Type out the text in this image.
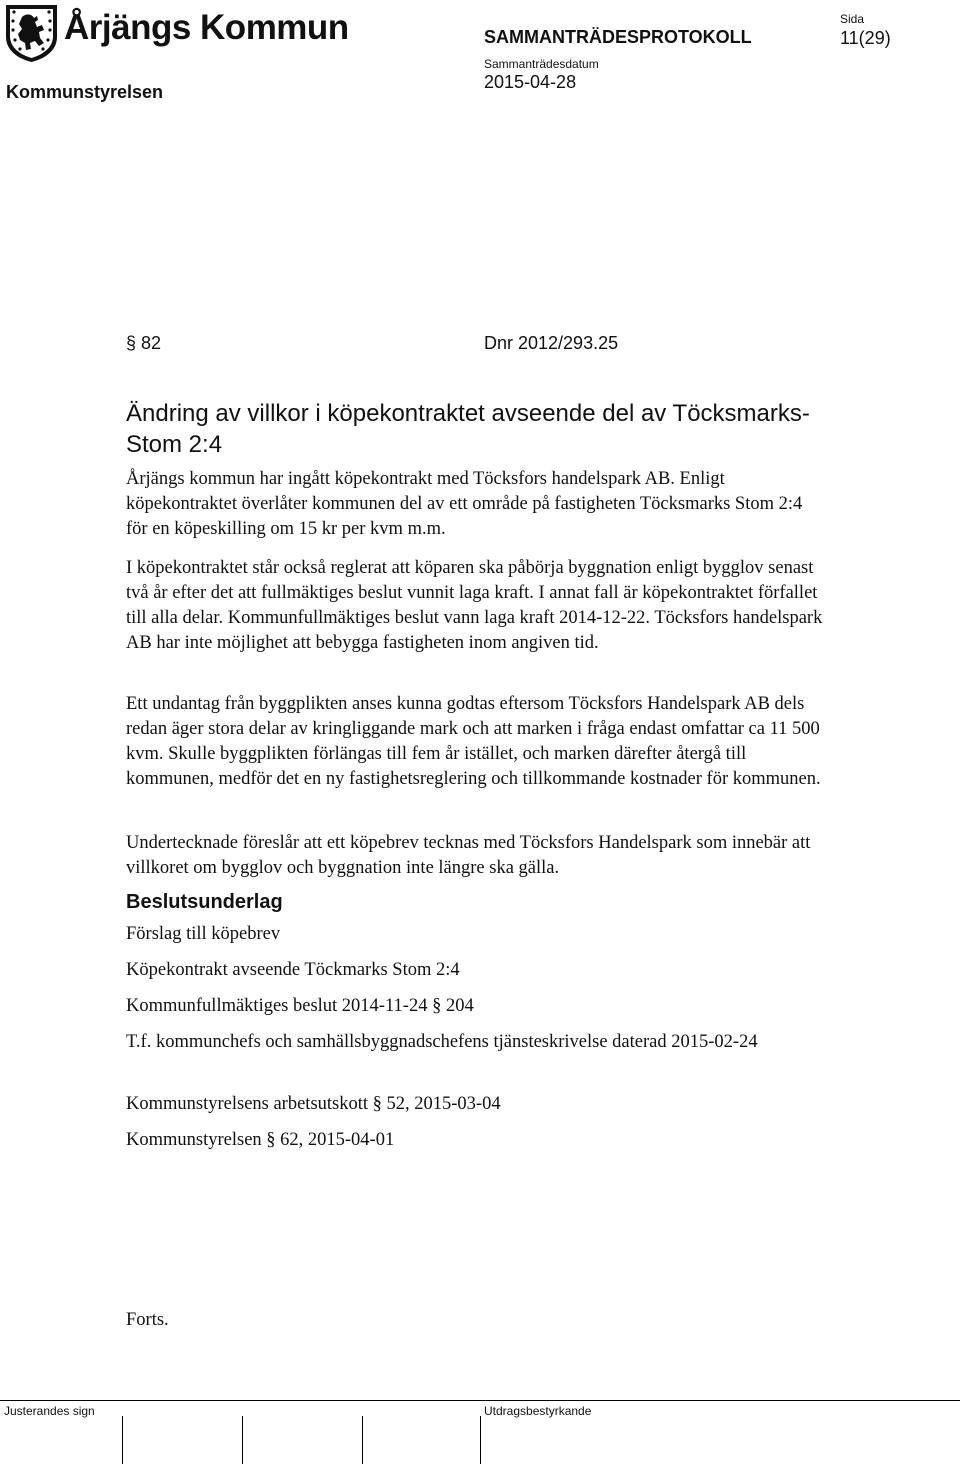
Årjängs Kommun
Kommunstyrelsen
SAMMANTRÄDESPROTOKOLL
Sammanträdesdatum
2015-04-28
Sida
11(29)
§ 82	Dnr 2012/293.25
Ändring av villkor i köpekontraktet avseende del av Töcksmarks- Stom 2:4
Årjängs kommun har ingått köpekontrakt med Töcksfors handelspark AB. Enligt köpekontraktet överlåter kommunen del av ett område på fastigheten Töcksmarks Stom 2:4 för en köpeskilling om 15 kr per kvm m.m.
I köpekontraktet står också reglerat att köparen ska påbörja byggnation enligt bygglov senast två år efter det att fullmäktiges beslut vunnit laga kraft. I annat fall är köpekontraktet förfallet till alla delar. Kommunfullmäktiges beslut vann laga kraft 2014-12-22. Töcksfors handelspark AB har inte möjlighet att bebygga fastigheten inom angiven tid.
Ett undantag från byggplikten anses kunna godtas eftersom Töcksfors Handelspark AB dels redan äger stora delar av kringliggande mark och att marken i fråga endast omfattar ca 11 500 kvm. Skulle byggplikten förlängas till fem år istället, och marken därefter återgå till kommunen, medför det en ny fastighetsreglering och tillkommande kostnader för kommunen.
Undertecknade föreslår att ett köpebrev tecknas med Töcksfors Handelspark som innebär att villkoret om bygglov och byggnation inte längre ska gälla.
Beslutsunderlag
Förslag till köpebrev
Köpekontrakt avseende Töckmarks Stom 2:4
Kommunfullmäktiges beslut 2014-11-24 § 204
T.f. kommunchefs och samhällsbyggnadschefens tjänsteskrivelse daterad 2015-02-24
Kommunstyrelsens arbetsutskott § 52, 2015-03-04
Kommunstyrelsen § 62, 2015-04-01
Forts.
Justerandes sign	Utdragsbestyrkande
